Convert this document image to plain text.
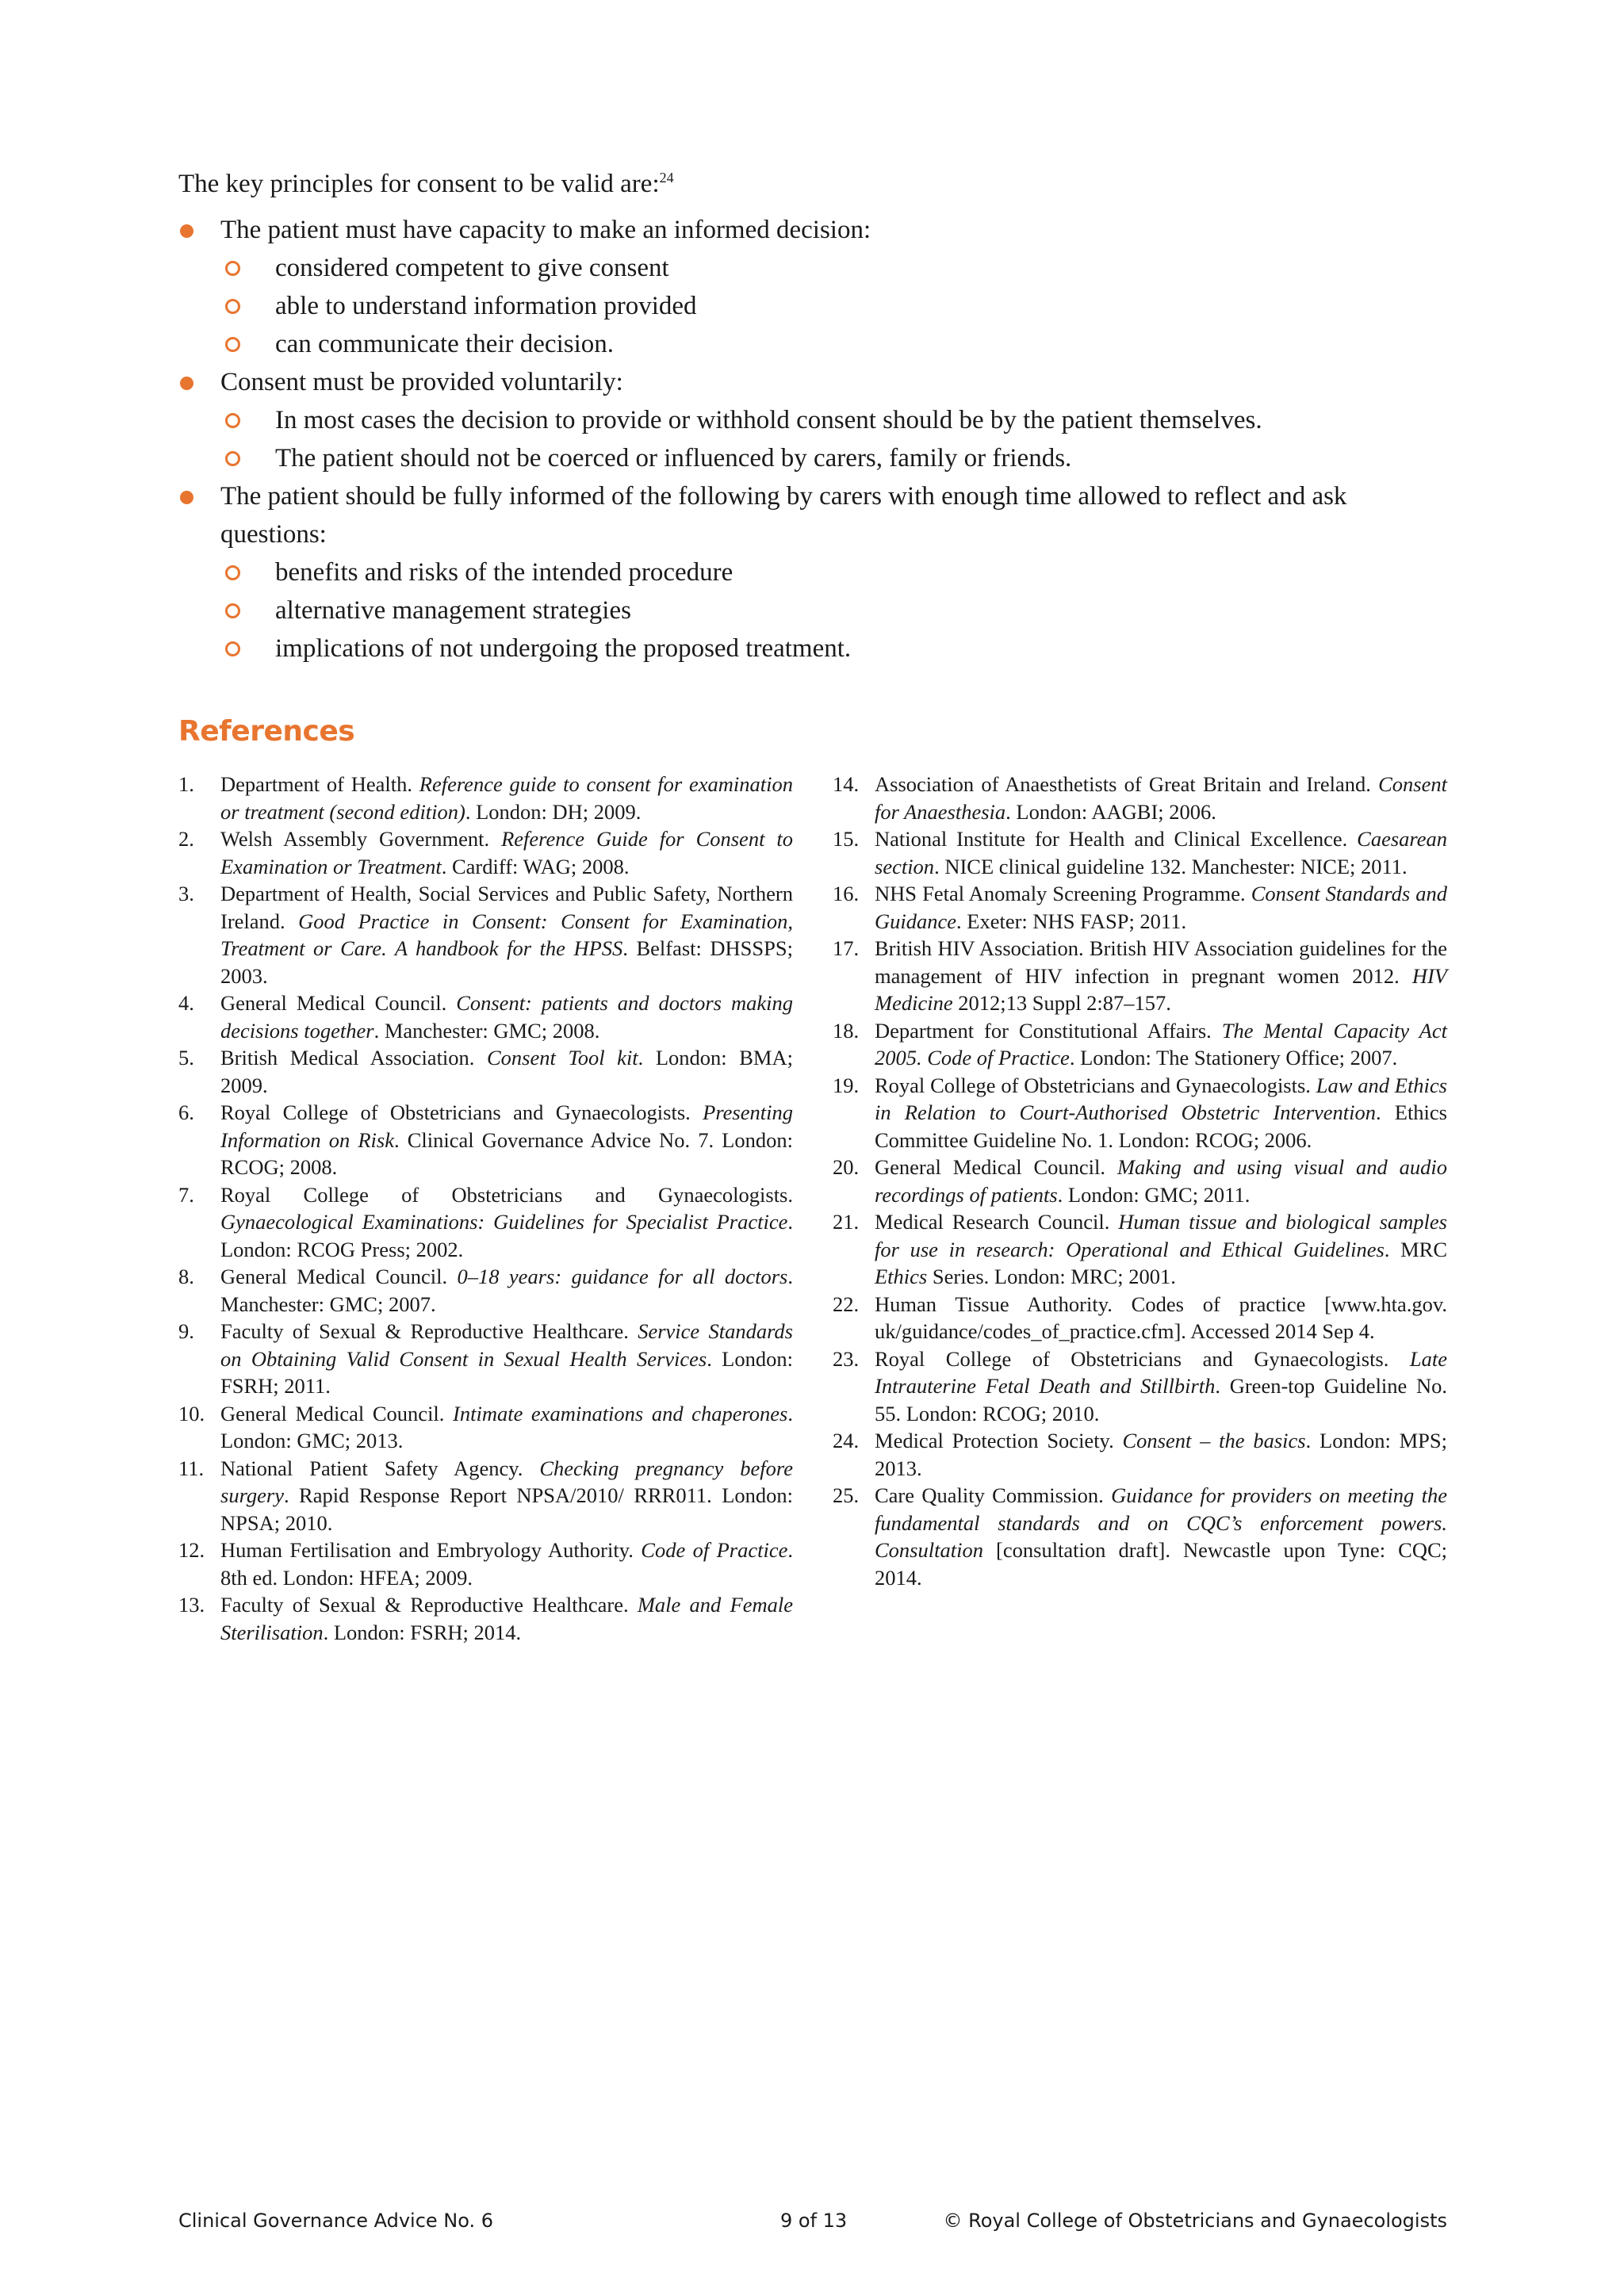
The key principles for consent to be valid are:$^{24}$

The patient must have capacity to make an informed decision:
considered competent to give consent
able to understand information provided
can communicate their decision.
Consent must be provided voluntarily:
In most cases the decision to provide or withhold consent should be by the patient themselves.
The patient should not be coerced or influenced by carers, family or friends.
The patient should be fully informed of the following by carers with enough time allowed to reflect and ask questions:
benefits and risks of the intended procedure
alternative management strategies
implications of not undergoing the proposed treatment.
References
1. Department of Health. Reference guide to consent for examination or treatment (second edition). London: DH; 2009.
2. Welsh Assembly Government. Reference Guide for Consent to Examination or Treatment. Cardiff: WAG; 2008.
3. Department of Health, Social Services and Public Safety, Northern Ireland. Good Practice in Consent: Consent for Examination, Treatment or Care. A handbook for the HPSS. Belfast: DHSSPS; 2003.
4. General Medical Council. Consent: patients and doctors making decisions together. Manchester: GMC; 2008.
5. British Medical Association. Consent Tool kit. London: BMA; 2009.
6. Royal College of Obstetricians and Gynaecologists. Presenting Information on Risk. Clinical Governance Advice No. 7. London: RCOG; 2008.
7. Royal College of Obstetricians and Gynaecologists. Gynaecological Examinations: Guidelines for Specialist Practice. London: RCOG Press; 2002.
8. General Medical Council. 0–18 years: guidance for all doctors. Manchester: GMC; 2007.
9. Faculty of Sexual & Reproductive Healthcare. Service Standards on Obtaining Valid Consent in Sexual Health Services. London: FSRH; 2011.
10. General Medical Council. Intimate examinations and chaperones. London: GMC; 2013.
11. National Patient Safety Agency. Checking pregnancy before surgery. Rapid Response Report NPSA/2010/ RRR011. London: NPSA; 2010.
12. Human Fertilisation and Embryology Authority. Code of Practice. 8th ed. London: HFEA; 2009.
13. Faculty of Sexual & Reproductive Healthcare. Male and Female Sterilisation. London: FSRH; 2014.
14. Association of Anaesthetists of Great Britain and Ireland. Consent for Anaesthesia. London: AAGBI; 2006.
15. National Institute for Health and Clinical Excellence. Caesarean section. NICE clinical guideline 132. Manchester: NICE; 2011.
16. NHS Fetal Anomaly Screening Programme. Consent Standards and Guidance. Exeter: NHS FASP; 2011.
17. British HIV Association. British HIV Association guidelines for the management of HIV infection in pregnant women 2012. HIV Medicine 2012;13 Suppl 2:87–157.
18. Department for Constitutional Affairs. The Mental Capacity Act 2005. Code of Practice. London: The Stationery Office; 2007.
19. Royal College of Obstetricians and Gynaecologists. Law and Ethics in Relation to Court-Authorised Obstetric Intervention. Ethics Committee Guideline No. 1. London: RCOG; 2006.
20. General Medical Council. Making and using visual and audio recordings of patients. London: GMC; 2011.
21. Medical Research Council. Human tissue and biological samples for use in research: Operational and Ethical Guidelines. MRC Ethics Series. London: MRC; 2001.
22. Human Tissue Authority. Codes of practice [www.hta.gov. uk/guidance/codes_of_practice.cfm]. Accessed 2014 Sep 4.
23. Royal College of Obstetricians and Gynaecologists. Late Intrauterine Fetal Death and Stillbirth. Green-top Guideline No. 55. London: RCOG; 2010.
24. Medical Protection Society. Consent – the basics. London: MPS; 2013.
25. Care Quality Commission. Guidance for providers on meeting the fundamental standards and on CQC’s enforcement powers. Consultation [consultation draft]. Newcastle upon Tyne: CQC; 2014.
Clinical Governance Advice No. 6	9 of 13	© Royal College of Obstetricians and Gynaecologists
